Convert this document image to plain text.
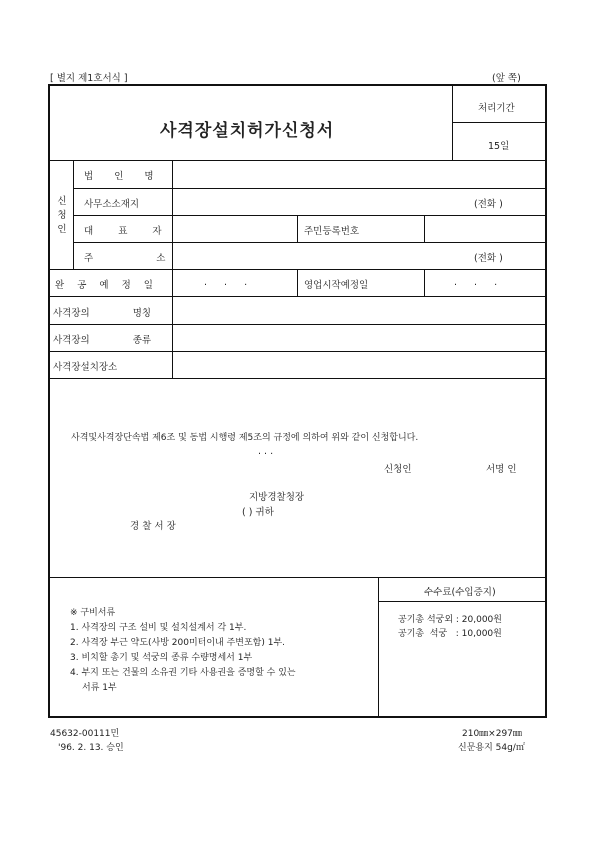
[ 별지 제1호서식 ]	(앞 쪽)
사격장설치허가신청서
처리기간
15일
신
청
인
법 인 명
사무소소재지	(전화 )
대 표 자	주민등록번호
주 소	(전화 )
완 공 예 정 일	. . .	영업시작예정일	. . .
사격장의 명칭
사격장의 종류
사격장설치장소
사격및사격장단속법 제6조 및 동법 시행령 제5조의 규정에 의하여 위와 같이 신청합니다.
. . .
신청인	서명 인
지방경찰청장
( ) 귀하
경 찰 서 장
※ 구비서류
1. 사격장의 구조 설비 및 설치설계서 각 1부.
2. 사격장 부근 약도(사방 200미터이내 주변포함) 1부.
3. 비치할 총기 및 석궁의 종류 수량명세서 1부
4. 부지 또는 건물의 소유권 기타 사용권을 증명할 수 있는
서류 1부
수수료(수입증지)
공기총 석궁외 : 20,000원
공기총  석궁   : 10,000원
45632-00111민
'96. 2. 13. 승인
210㎜×297㎜
신문용지 54g/㎡
